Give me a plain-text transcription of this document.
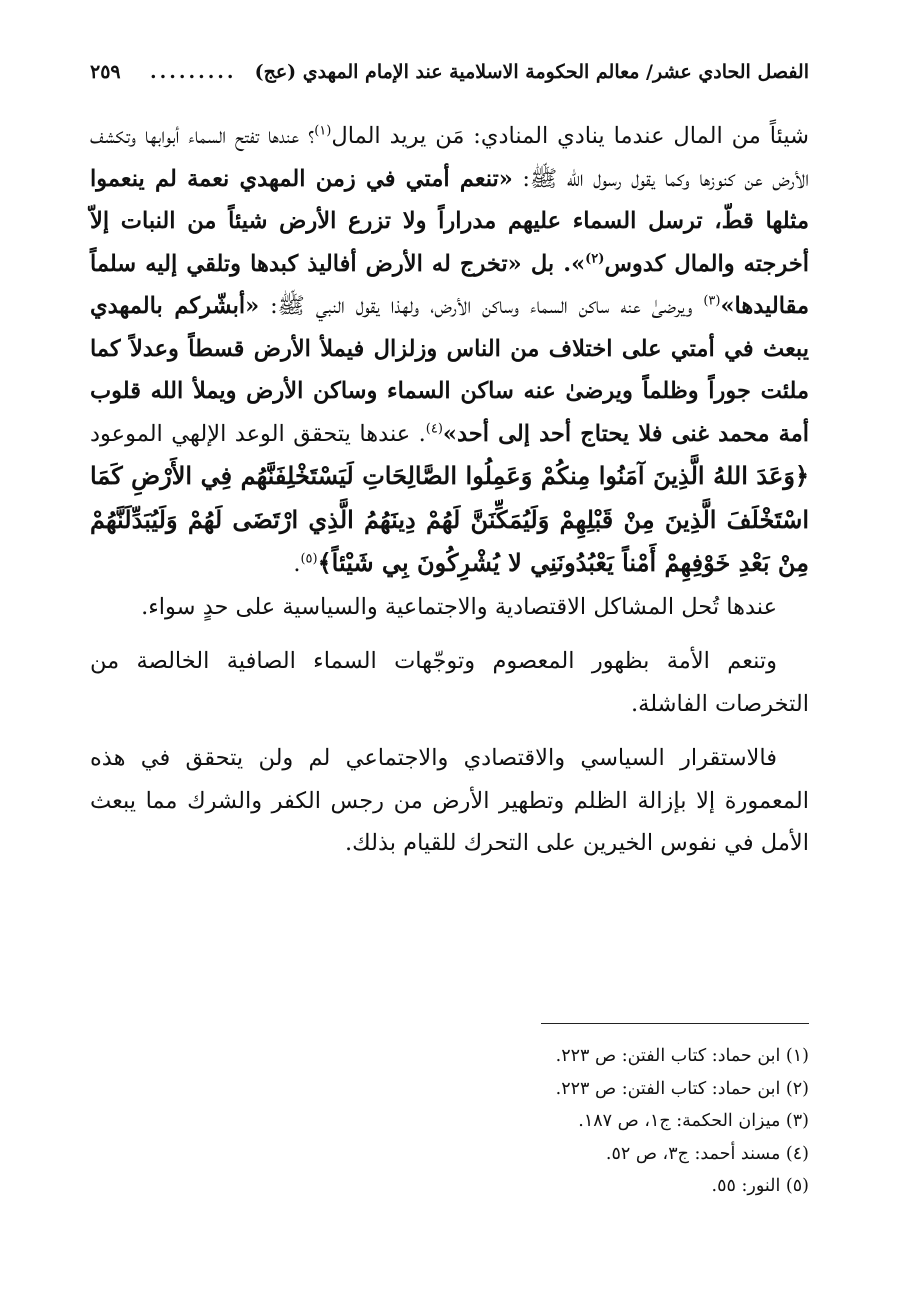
الفصل الحادي عشر/ معالم الحكومة الاسلامية عند الإمام المهدي (عج)
.........
٢٥٩

شيئاً من المال عندما ينادي المنادي: مَن يريد المال$^{(١)}$؟ عندها تفتح السماء أبوابها وتكشف الأرض عن كنوزها وكما يقول رسول الله ﷺ: «تنعم أمتي في زمن المهدي نعمة لم ينعموا مثلها قطّ، ترسل السماء عليهم مدراراً ولا تزرع الأرض شيئاً من النبات إلاّ أخرجته والمال كدوس$^{(٢)}$». بل «تخرج له الأرض أفاليذ كبدها وتلقي إليه سلماً مقاليدها»$^{(٣)}$ ويرضىٰ عنه ساكن السماء وساكن الأرض، ولهذا يقول النبي ﷺ: «أبشّركم بالمهدي يبعث في أمتي على اختلاف من الناس وزلزال فيملأ الأرض قسطاً وعدلاً كما ملئت جوراً وظلماً ويرضىٰ عنه ساكن السماء وساكن الأرض ويملأ الله قلوب أمة محمد غنى فلا يحتاج أحد إلى أحد»$^{(٤)}$. عندها يتحقق الوعد الإلهي الموعود ﴿وَعَدَ اللهُ الَّذِينَ آمَنُوا مِنكُمْ وَعَمِلُوا الصَّالِحَاتِ لَيَسْتَخْلِفَنَّهُم فِي الأَرْضِ كَمَا اسْتَخْلَفَ الَّذِينَ مِنْ قَبْلِهِمْ وَلَيُمَكِّنَنَّ لَهُمْ دِينَهُمُ الَّذِي ارْتَضَى لَهُمْ وَلَيُبَدِّلَنَّهُمْ مِنْ بَعْدِ خَوْفِهِمْ أَمْناً يَعْبُدُونَنِي لا يُشْرِكُونَ بِي شَيْئاً﴾$^{(٥)}$.

عندها تُحل المشاكل الاقتصادية والاجتماعية والسياسية على حدٍ سواء.

وتنعم الأمة بظهور المعصوم وتوجّهات السماء الصافية الخالصة من التخرصات الفاشلة.

فالاستقرار السياسي والاقتصادي والاجتماعي لم ولن يتحقق في هذه المعمورة إلا بإزالة الظلم وتطهير الأرض من رجس الكفر والشرك مما يبعث الأمل في نفوس الخيرين على التحرك للقيام بذلك.

(١) ابن حماد: كتاب الفتن: ص ٢٢٣.
(٢) ابن حماد: كتاب الفتن: ص ٢٢٣.
(٣) ميزان الحكمة: ج١، ص ١٨٧.
(٤) مسند أحمد: ج٣، ص ٥٢.
(٥) النور: ٥٥.
